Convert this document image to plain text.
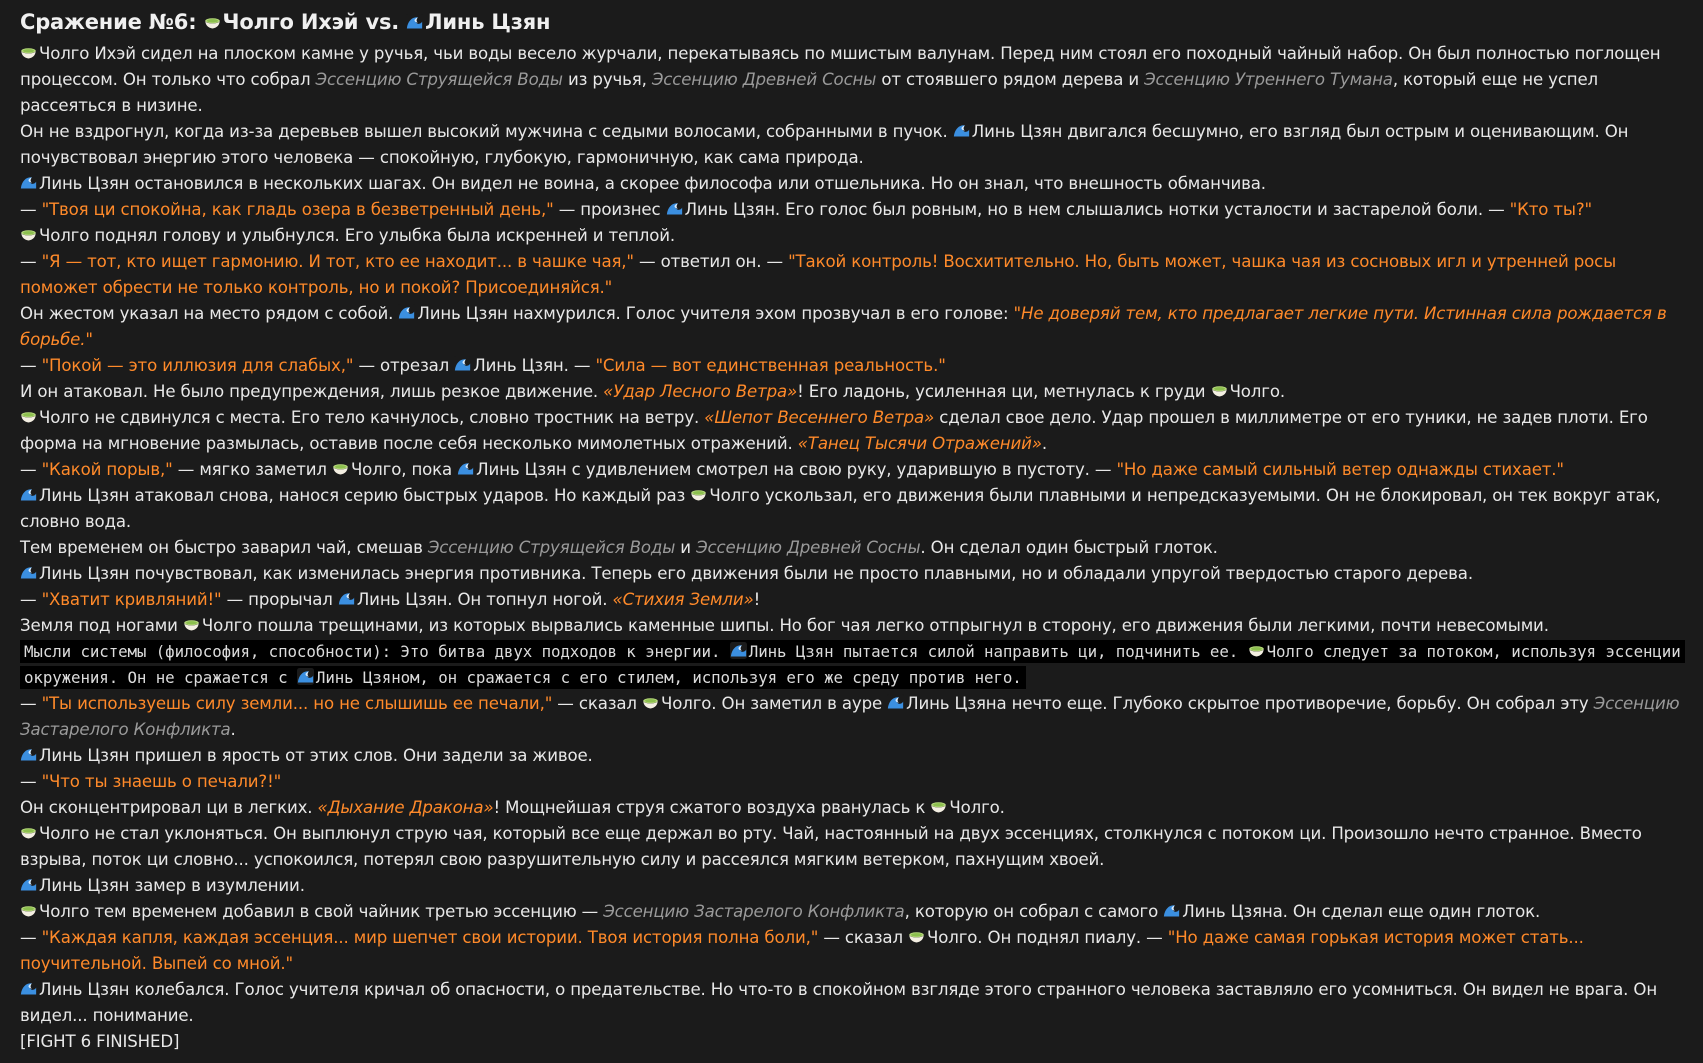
Сражение №6: Чолго Ихэй vs. Линь Цзян
Чолго Ихэй сидел на плоском камне у ручья, чьи воды весело журчали, перекатываясь по мшистым валунам. Перед ним стоял его походный чайный набор. Он был полностью поглощен процессом. Он только что собрал Эссенцию Струящейся Воды из ручья, Эссенцию Древней Сосны от стоявшего рядом дерева и Эссенцию Утреннего Тумана, который еще не успел рассеяться в низине.
Он не вздрогнул, когда из-за деревьев вышел высокий мужчина с седыми волосами, собранными в пучок.
Линь Цзян двигался бесшумно, его взгляд был острым и оценивающим. Он почувствовал энергию этого человека — спокойную, глубокую, гармоничную, как сама природа.
Линь Цзян остановился в нескольких шагах. Он видел не воина, а скорее философа или отшельника. Но он знал, что внешность обманчива.
— "Твоя ци спокойна, как гладь озера в безветренный день," — произнес
Линь Цзян. Его голос был ровным, но в нем слышались нотки усталости и застарелой боли. — "Кто ты?"
Чолго поднял голову и улыбнулся. Его улыбка была искренней и теплой.
— "Я — тот, кто ищет гармонию. И тот, кто ее находит... в чашке чая," — ответил он. — "Такой контроль! Восхитительно. Но, быть может, чашка чая из сосновых игл и утренней росы поможет обрести не только контроль, но и покой? Присоединяйся."
Он жестом указал на место рядом с собой.
Линь Цзян нахмурился. Голос учителя эхом прозвучал в его голове: "Не доверяй тем, кто предлагает легкие пути. Истинная сила рождается в борьбе."
— "Покой — это иллюзия для слабых," — отрезал
Линь Цзян. — "Сила — вот единственная реальность."
И он атаковал. Не было предупреждения, лишь резкое движение. «Удар Лесного Ветра»! Его ладонь, усиленная ци, метнулась к груди
Чолго.
Чолго не сдвинулся с места. Его тело качнулось, словно тростник на ветру. «Шепот Весеннего Ветра» сделал свое дело. Удар прошел в миллиметре от его туники, не задев плоти. Его форма на мгновение размылась, оставив после себя несколько мимолетных отражений. «Танец Тысячи Отражений».
— "Какой порыв," — мягко заметил
Чолго, пока
Линь Цзян с удивлением смотрел на свою руку, ударившую в пустоту. — "Но даже самый сильный ветер однажды стихает."
Линь Цзян атаковал снова, нанося серию быстрых ударов. Но каждый раз
Чолго ускользал, его движения были плавными и непредсказуемыми. Он не блокировал, он тек вокруг атак, словно вода.
Тем временем он быстро заварил чай, смешав Эссенцию Струящейся Воды и Эссенцию Древней Сосны. Он сделал один быстрый глоток.
Линь Цзян почувствовал, как изменилась энергия противника. Теперь его движения были не просто плавными, но и обладали упругой твердостью старого дерева.
— "Хватит кривляний!" — прорычал
Линь Цзян. Он топнул ногой. «Стихия Земли»!
Земля под ногами
Чолго пошла трещинами, из которых вырвались каменные шипы. Но бог чая легко отпрыгнул в сторону, его движения были легкими, почти невесомыми.
Мысли системы (философия, способности): Это битва двух подходов к энергии.
Линь Цзян пытается силой направить ци, подчинить ее.
Чолго следует за потоком, используя эссенции окружения. Он не сражается с
Линь Цзяном, он сражается с его стилем, используя его же среду против него.
— "Ты используешь силу земли... но не слышишь ее печали," — сказал
Чолго. Он заметил в ауре
Линь Цзяна нечто еще. Глубоко скрытое противоречие, борьбу. Он собрал эту Эссенцию Застарелого Конфликта.
Линь Цзян пришел в ярость от этих слов. Они задели за живое.
— "Что ты знаешь о печали?!"
Он сконцентрировал ци в легких. «Дыхание Дракона»! Мощнейшая струя сжатого воздуха рванулась к
Чолго.
Чолго не стал уклоняться. Он выплюнул струю чая, который все еще держал во рту. Чай, настоянный на двух эссенциях, столкнулся с потоком ци. Произошло нечто странное. Вместо взрыва, поток ци словно... успокоился, потерял свою разрушительную силу и рассеялся мягким ветерком, пахнущим хвоей.
Линь Цзян замер в изумлении.
Чолго тем временем добавил в свой чайник третью эссенцию — Эссенцию Застарелого Конфликта, которую он собрал с самого
Линь Цзяна. Он сделал еще один глоток.
— "Каждая капля, каждая эссенция... мир шепчет свои истории. Твоя история полна боли," — сказал
Чолго. Он поднял пиалу. — "Но даже самая горькая история может стать... поучительной. Выпей со мной."
Линь Цзян колебался. Голос учителя кричал об опасности, о предательстве. Но что-то в спокойном взгляде этого странного человека заставляло его усомниться. Он видел не врага. Он видел... понимание.
[FIGHT 6 FINISHED]
